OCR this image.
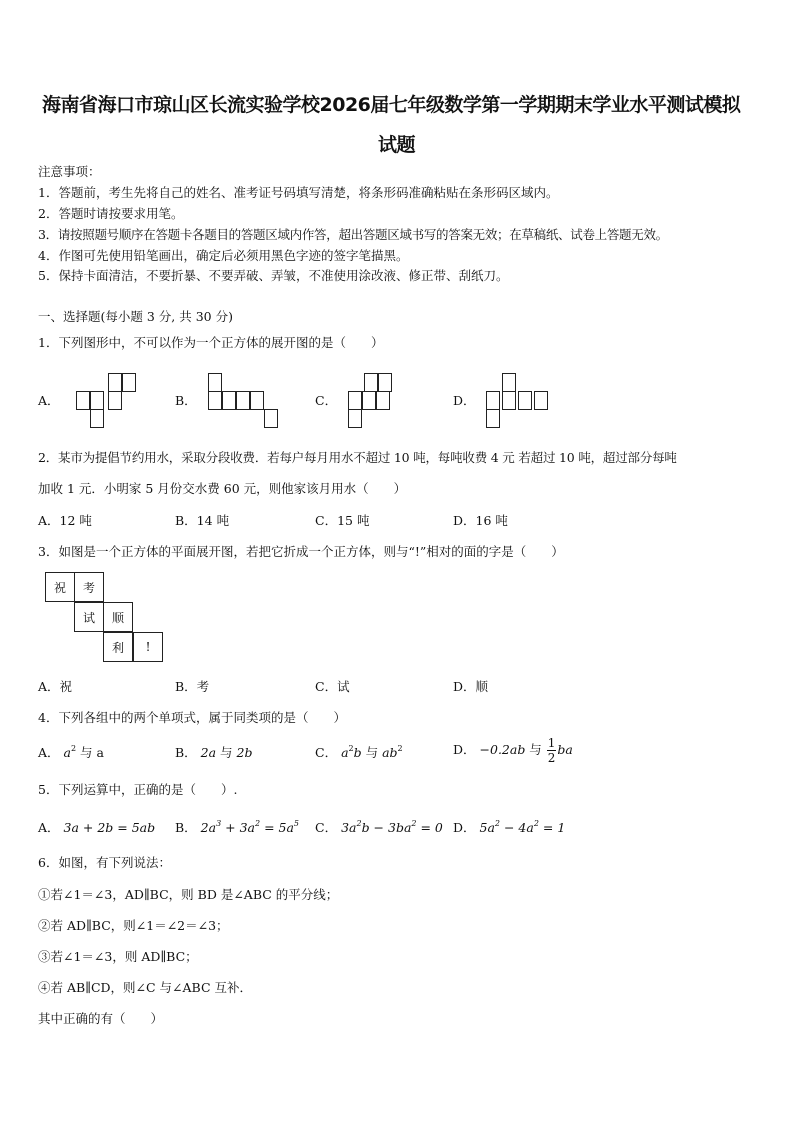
海南省海口市琼山区长流实验学校2026届七年级数学第一学期期末学业水平测试模拟
试题
注意事项：
1．答题前，考生先将自己的姓名、准考证号码填写清楚，将条形码准确粘贴在条形码区域内。
2．答题时请按要求用笔。
3．请按照题号顺序在答题卡各题目的答题区域内作答，超出答题区域书写的答案无效；在草稿纸、试卷上答题无效。
4．作图可先使用铅笔画出，确定后必须用黑色字迹的签字笔描黑。
5．保持卡面清洁，不要折暴、不要弄破、弄皱，不准使用涂改液、修正带、刮纸刀。
一、选择题(每小题 3 分, 共 30 分)
1．下列图形中，不可以作为一个正方体的展开图的是（　　）
A．	B．	C．	D．
2．某市为提倡节约用水，采取分段收费．若每户每月用水不超过 10 吨，每吨收费 4 元 若超过 10 吨，超过部分每吨
加收 1 元．小明家 5 月份交水费 60 元，则他家该月用水（　　）
A．12 吨	B．14 吨	C．15 吨	D．16 吨
3．如图是一个正方体的平面展开图，若把它折成一个正方体，则与“!”相对的面的字是（　　）
祝	考
试	顺
利	!
A．祝	B．考	C．试	D．顺
4．下列各组中的两个单项式，属于同类项的是（　　）
A． $a^2$ 与 a	B． 2a 与 2b	C． $a^2b$ 与 $ab^2$	D． −0.2ab 与 $\frac{1}{2}$ ba
5．下列运算中，正确的是（　　）.
A． 3a + 2b = 5ab B． $2a^3 + 3a^2 = 5a^5$ C． $3a^2b - 3ba^2 = 0$ D． $5a^2 - 4a^2 = 1$
6．如图，有下列说法：
①若∠1＝∠3，AD∥BC，则 BD 是∠ABC 的平分线；
②若 AD∥BC，则∠1＝∠2＝∠3；
③若∠1＝∠3，则 AD∥BC；
④若 AB∥CD，则∠C 与∠ABC 互补．
其中正确的有（　　）
